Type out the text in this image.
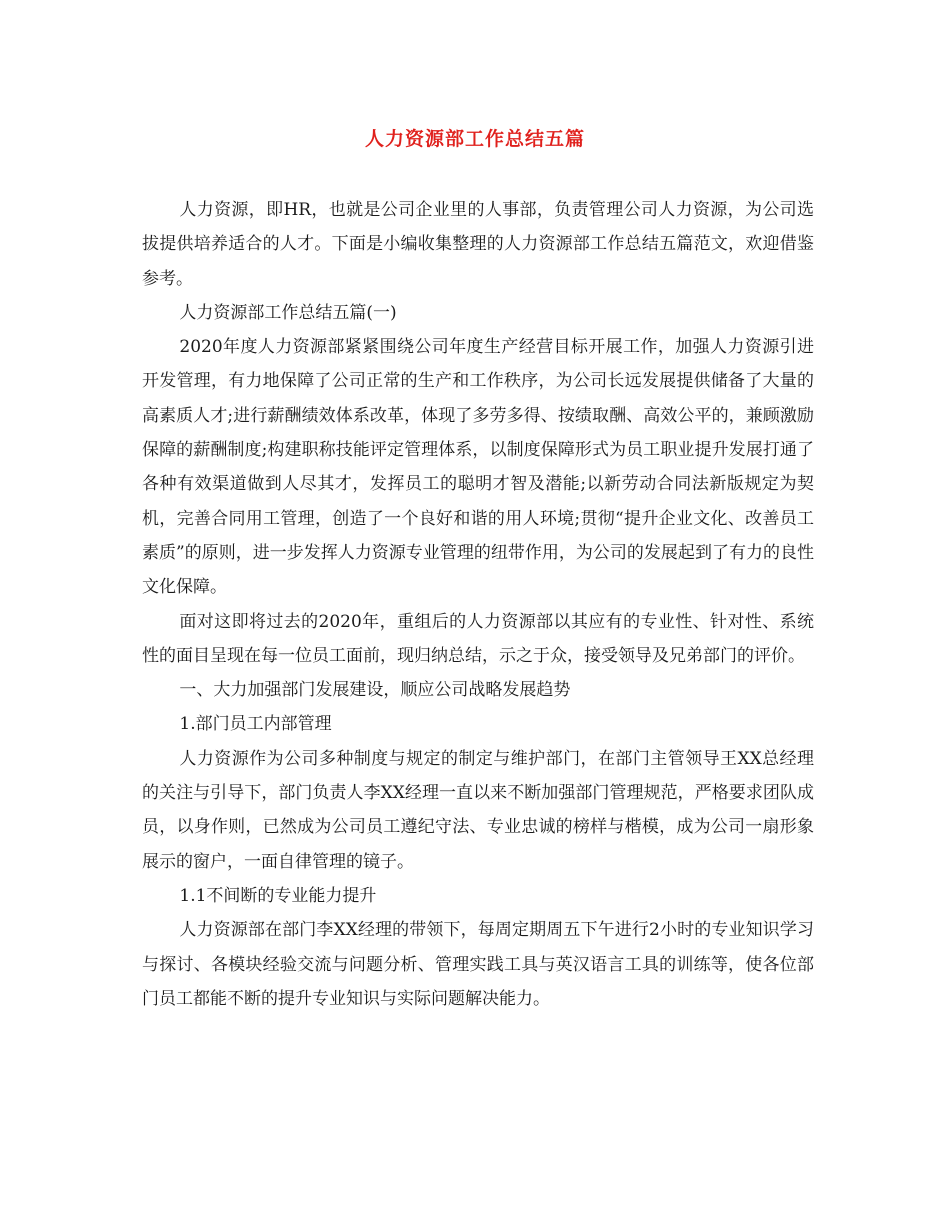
人力资源部工作总结五篇

人力资源，即HR，也就是公司企业里的人事部，负责管理公司人力资源，为公司选拔提供培养适合的人才。下面是小编收集整理的人力资源部工作总结五篇范文，欢迎借鉴参考。

人力资源部工作总结五篇(一)

2020年度人力资源部紧紧围绕公司年度生产经营目标开展工作，加强人力资源引进开发管理，有力地保障了公司正常的生产和工作秩序，为公司长远发展提供储备了大量的高素质人才;进行薪酬绩效体系改革，体现了多劳多得、按绩取酬、高效公平的，兼顾激励保障的薪酬制度;构建职称技能评定管理体系，以制度保障形式为员工职业提升发展打通了各种有效渠道做到人尽其才，发挥员工的聪明才智及潜能;以新劳动合同法新版规定为契机，完善合同用工管理，创造了一个良好和谐的用人环境;贯彻“提升企业文化、改善员工素质”的原则，进一步发挥人力资源专业管理的纽带作用，为公司的发展起到了有力的良性文化保障。

面对这即将过去的2020年，重组后的人力资源部以其应有的专业性、针对性、系统性的面目呈现在每一位员工面前，现归纳总结，示之于众，接受领导及兄弟部门的评价。

一、大力加强部门发展建设，顺应公司战略发展趋势

1.部门员工内部管理

人力资源作为公司多种制度与规定的制定与维护部门，在部门主管领导王XX总经理的关注与引导下，部门负责人李XX经理一直以来不断加强部门管理规范，严格要求团队成员，以身作则，已然成为公司员工遵纪守法、专业忠诚的榜样与楷模，成为公司一扇形象展示的窗户，一面自律管理的镜子。

1.1不间断的专业能力提升

人力资源部在部门李XX经理的带领下，每周定期周五下午进行2小时的专业知识学习与探讨、各模块经验交流与问题分析、管理实践工具与英汉语言工具的训练等，使各位部门员工都能不断的提升专业知识与实际问题解决能力。
